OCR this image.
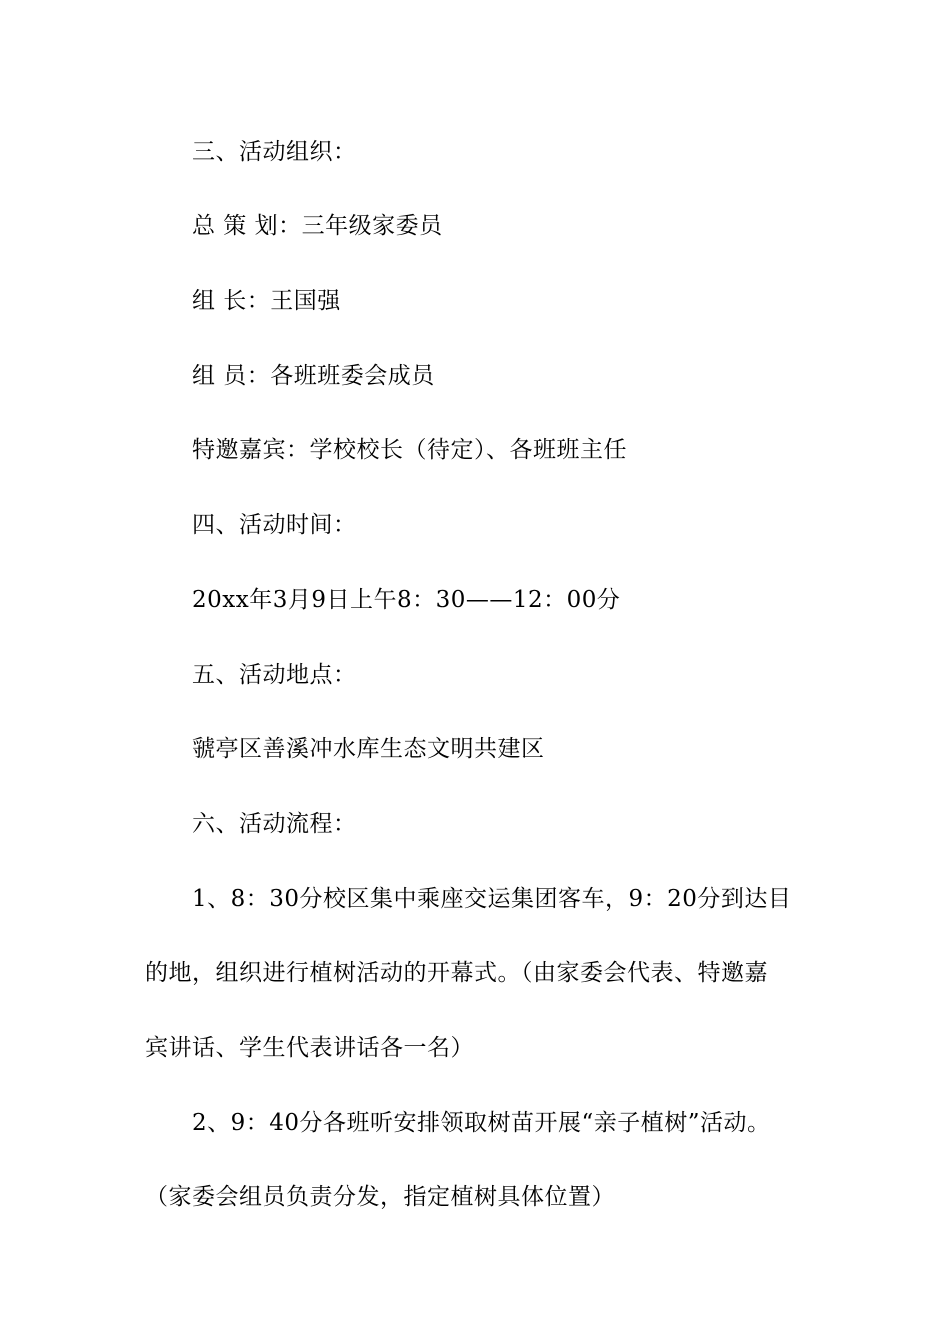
三、活动组织：
总 策 划：三年级家委员
组 长：王国强
组 员：各班班委会成员
特邀嘉宾：学校校长（待定）、各班班主任
四、活动时间：
20xx年3月9日上午8：30——12：00分
五、活动地点：
虢亭区善溪冲水库生态文明共建区
六、活动流程：
1、8：30分校区集中乘座交运集团客车，9：20分到达目
的地，组织进行植树活动的开幕式。（由家委会代表、特邀嘉
宾讲话、学生代表讲话各一名）
2、9：40分各班听安排领取树苗开展“亲子植树”活动。
（家委会组员负责分发，指定植树具体位置）
